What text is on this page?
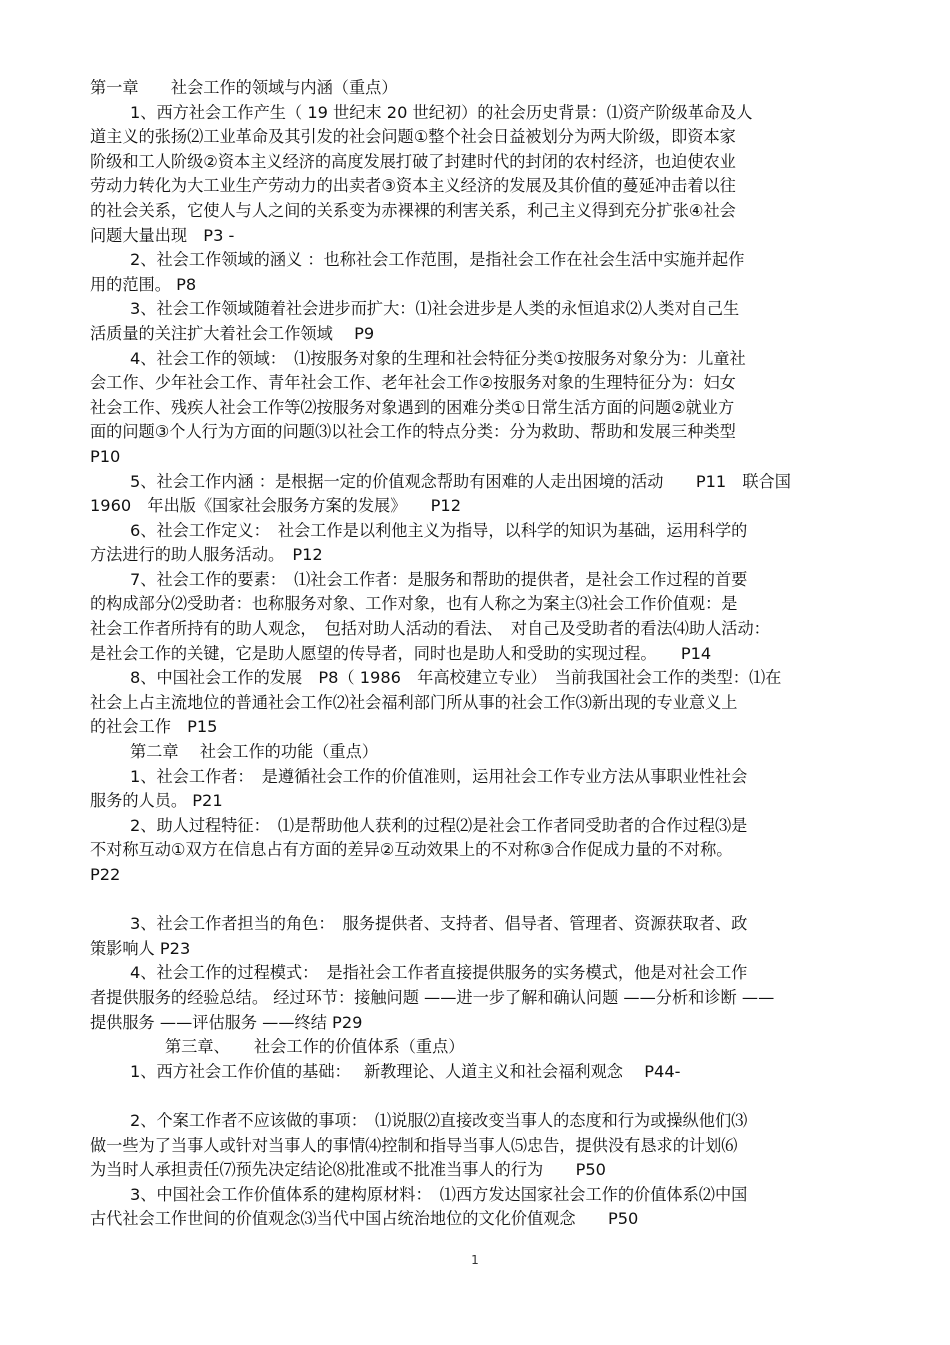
第一章　　社会工作的领域与内涵（重点）
1、西方社会工作产生（ 19 世纪末 20 世纪初）的社会历史背景：⑴资产阶级革命及人
道主义的张扬⑵工业革命及其引发的社会问题①整个社会日益被划分为两大阶级，即资本家
阶级和工人阶级②资本主义经济的高度发展打破了封建时代的封闭的农村经济，也迫使农业
劳动力转化为大工业生产劳动力的出卖者③资本主义经济的发展及其价值的蔓延冲击着以往
的社会关系，它使人与人之间的关系变为赤裸裸的利害关系，利己主义得到充分扩张④社会
问题大量出现　P3 -
2、社会工作领域的涵义 ：也称社会工作范围，是指社会工作在社会生活中实施并起作
用的范围。 P8
3、社会工作领域随着社会进步而扩大：⑴社会进步是人类的永恒追求⑵人类对自己生
活质量的关注扩大着社会工作领域　 P9
4、社会工作的领域：　⑴按服务对象的生理和社会特征分类①按服务对象分为：儿童社
会工作、少年社会工作、青年社会工作、老年社会工作②按服务对象的生理特征分为：妇女
社会工作、残疾人社会工作等⑵按服务对象遇到的困难分类①日常生活方面的问题②就业方
面的问题③个人行为方面的问题⑶以社会工作的特点分类：分为救助、帮助和发展三种类型
P10
5、社会工作内涵 ：是根据一定的价值观念帮助有困难的人走出困境的活动　　P11　联合国
1960　年出版《国家社会服务方案的发展》　　P12
6、社会工作定义：　社会工作是以利他主义为指导，以科学的知识为基础，运用科学的
方法进行的助人服务活动。　P12
7、社会工作的要素：　⑴社会工作者：是服务和帮助的提供者，是社会工作过程的首要
的构成部分⑵受助者：也称服务对象、工作对象，也有人称之为案主⑶社会工作价值观：是
社会工作者所持有的助人观念，　包括对助人活动的看法、　对自己及受助者的看法⑷助人活动：
是社会工作的关键，它是助人愿望的传导者，同时也是助人和受助的实现过程。　　P14
8、中国社会工作的发展　P8（ 1986　年高校建立专业）　当前我国社会工作的类型：⑴在
社会上占主流地位的普通社会工作⑵社会福利部门所从事的社会工作⑶新出现的专业意义上
的社会工作　P15
第二章　 社会工作的功能（重点）
1、社会工作者：　是遵循社会工作的价值准则，运用社会工作专业方法从事职业性社会
服务的人员。 P21
2、助人过程特征：　⑴是帮助他人获利的过程⑵是社会工作者同受助者的合作过程⑶是
不对称互动①双方在信息占有方面的差异②互动效果上的不对称③合作促成力量的不对称。
P22
3、社会工作者担当的角色：　服务提供者、支持者、倡导者、管理者、资源获取者、政
策影响人 P23
4、社会工作的过程模式：　是指社会工作者直接提供服务的实务模式，他是对社会工作
者提供服务的经验总结。 经过环节：接触问题 ——进一步了解和确认问题 ——分析和诊断 ——
提供服务 ——评估服务 ——终结 P29
第三章、　　社会工作的价值体系（重点）
1、西方社会工作价值的基础：　 新教理论、人道主义和社会福利观念　 P44-
2、个案工作者不应该做的事项：　⑴说服⑵直接改变当事人的态度和行为或操纵他们⑶
做一些为了当事人或针对当事人的事情⑷控制和指导当事人⑸忠告，提供没有恳求的计划⑹
为当时人承担责任⑺预先决定结论⑻批准或不批准当事人的行为　　P50
3、中国社会工作价值体系的建构原材料：　⑴西方发达国家社会工作的价值体系⑵中国
古代社会工作世间的价值观念⑶当代中国占统治地位的文化价值观念　　P50
1
